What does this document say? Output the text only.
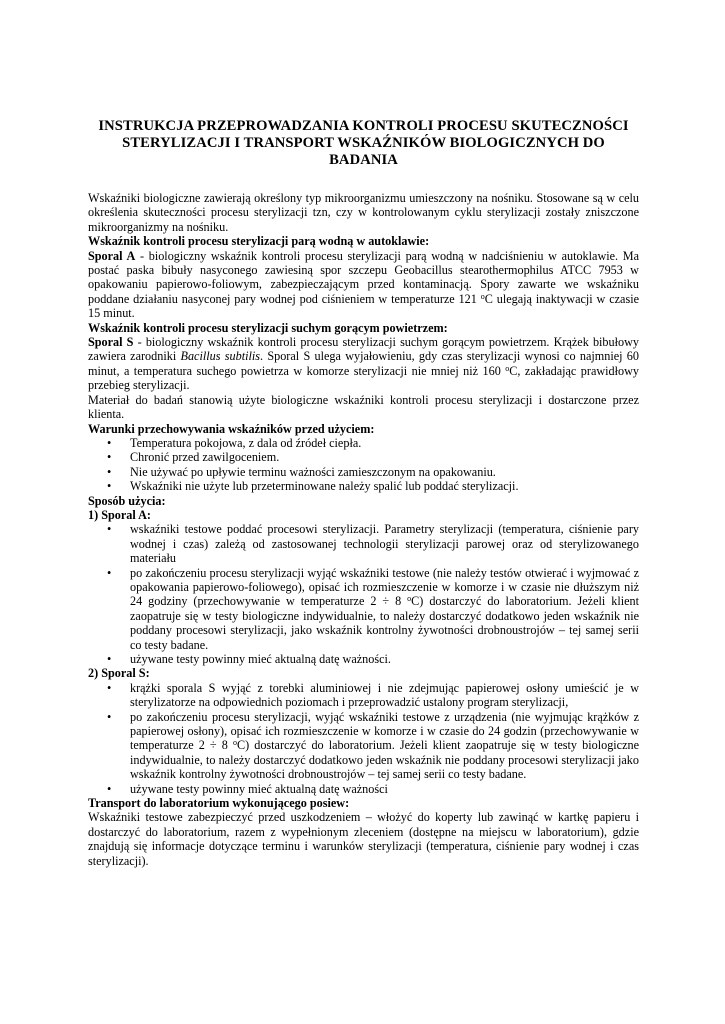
INSTRUKCJA PRZEPROWADZANIA KONTROLI PROCESU SKUTECZNOŚCI
STERYLIZACJI I TRANSPORT WSKAŹNIKÓW BIOLOGICZNYCH DO BADANIA

Wskaźniki biologiczne zawierają określony typ mikroorganizmu umieszczony na nośniku. Stosowane są w celu określenia skuteczności procesu sterylizacji tzn, czy w kontrolowanym cyklu sterylizacji zostały zniszczone mikroorganizmy na nośniku.

Wskaźnik kontroli procesu sterylizacji parą wodną w autoklawie:

Sporal A - biologiczny wskaźnik kontroli procesu sterylizacji parą wodną w nadciśnieniu w autoklawie. Ma postać paska bibuły nasyconego zawiesiną spor szczepu Geobacillus stearothermophilus ATCC 7953 w opakowaniu papierowo-foliowym, zabezpieczającym przed kontaminacją. Spory zawarte we wskaźniku poddane działaniu nasyconej pary wodnej pod ciśnieniem w temperaturze 121 $^o$C ulegają inaktywacji w czasie 15 minut.

Wskaźnik kontroli procesu sterylizacji suchym gorącym powietrzem:

Sporal S - biologiczny wskaźnik kontroli procesu sterylizacji suchym gorącym powietrzem. Krążek bibułowy zawiera zarodniki Bacillus subtilis. Sporal S ulega wyjałowieniu, gdy czas sterylizacji wynosi co najmniej 60 minut, a temperatura suchego powietrza w komorze sterylizacji nie mniej niż 160 $^o$C, zakładając prawidłowy przebieg sterylizacji.

Materiał do badań stanowią użyte biologiczne wskaźniki kontroli procesu sterylizacji i dostarczone przez klienta.

Warunki przechowywania wskaźników przed użyciem:
• Temperatura pokojowa, z dala od źródeł ciepła.
• Chronić przed zawilgoceniem.
• Nie używać po upływie terminu ważności zamieszczonym na opakowaniu.
• Wskaźniki nie użyte lub przeterminowane należy spalić lub poddać sterylizacji.
Sposób użycia:
1) Sporal A:
• wskaźniki testowe poddać procesowi sterylizacji. Parametry sterylizacji (temperatura, ciśnienie pary wodnej i czas) zależą od zastosowanej technologii sterylizacji parowej oraz od sterylizowanego materiału
• po zakończeniu procesu sterylizacji wyjąć wskaźniki testowe (nie należy testów otwierać i wyjmować z opakowania papierowo-foliowego), opisać ich rozmieszczenie w komorze i w czasie nie dłuższym niż 24 godziny (przechowywanie w temperaturze 2 ÷ 8 $^o$C) dostarczyć do laboratorium. Jeżeli klient zaopatruje się w testy biologiczne indywidualnie, to należy dostarczyć dodatkowo jeden wskaźnik nie poddany procesowi sterylizacji, jako wskaźnik kontrolny żywotności drobnoustrojów – tej samej serii co testy badane.
• używane testy powinny mieć aktualną datę ważności.
2) Sporal S:
• krążki sporala S wyjąć z torebki aluminiowej i nie zdejmując papierowej osłony umieścić je w sterylizatorze na odpowiednich poziomach i przeprowadzić ustalony program sterylizacji,
• po zakończeniu procesu sterylizacji, wyjąć wskaźniki testowe z urządzenia (nie wyjmując krążków z papierowej osłony), opisać ich rozmieszczenie w komorze i w czasie do 24 godzin (przechowywanie w temperaturze 2 ÷ 8 $^o$C) dostarczyć do laboratorium. Jeżeli klient zaopatruje się w testy biologiczne indywidualnie, to należy dostarczyć dodatkowo jeden wskaźnik nie poddany procesowi sterylizacji jako wskaźnik kontrolny żywotności drobnoustrojów – tej samej serii co testy badane.
• używane testy powinny mieć aktualną datę ważności
Transport do laboratorium wykonującego posiew:

Wskaźniki testowe zabezpieczyć przed uszkodzeniem – włożyć do koperty lub zawinąć w kartkę papieru i dostarczyć do laboratorium, razem z wypełnionym zleceniem (dostępne na miejscu w laboratorium), gdzie znajdują się informacje dotyczące terminu i warunków sterylizacji (temperatura, ciśnienie pary wodnej i czas sterylizacji).
